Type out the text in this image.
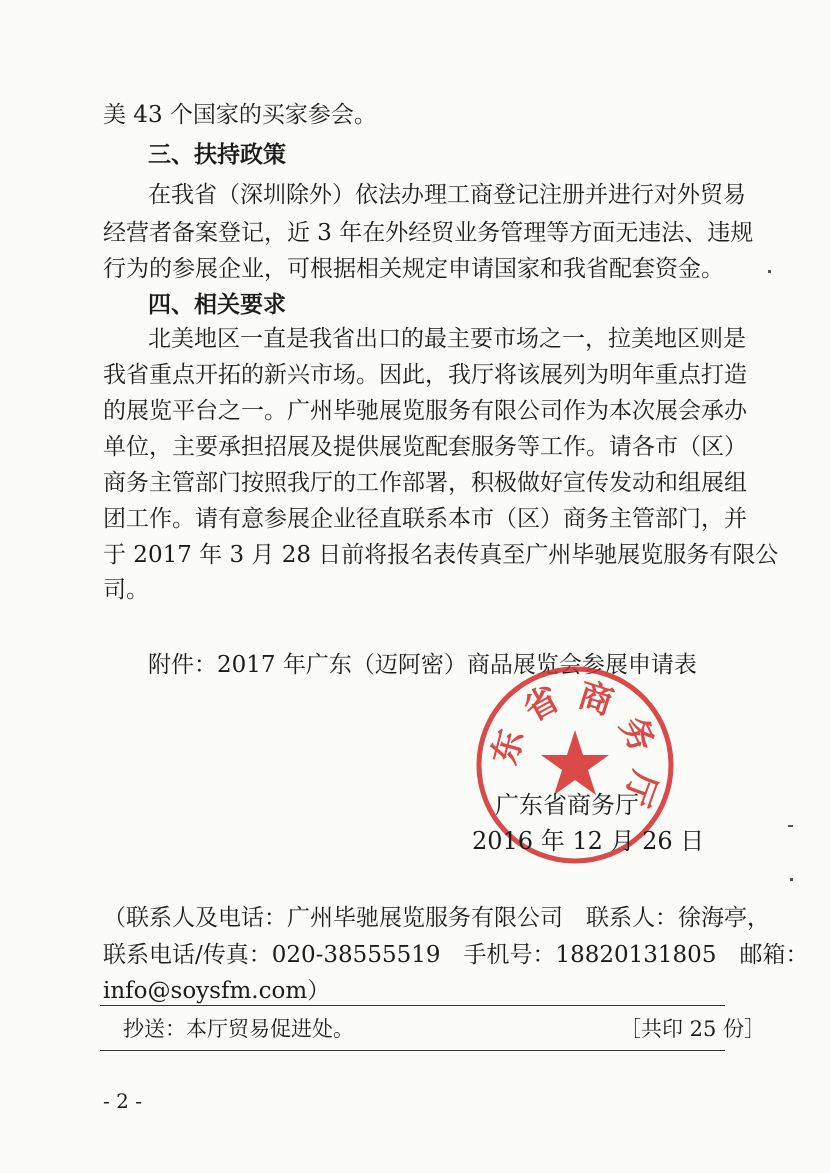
美 43 个国家的买家参会。
三、扶持政策
在我省（深圳除外）依法办理工商登记注册并进行对外贸易
经营者备案登记，近 3 年在外经贸业务管理等方面无违法、违规
行为的参展企业，可根据相关规定申请国家和我省配套资金。
四、相关要求
北美地区一直是我省出口的最主要市场之一，拉美地区则是
我省重点开拓的新兴市场。因此，我厅将该展列为明年重点打造
的展览平台之一。广州毕驰展览服务有限公司作为本次展会承办
单位，主要承担招展及提供展览配套服务等工作。请各市（区）
商务主管部门按照我厅的工作部署，积极做好宣传发动和组展组
团工作。请有意参展企业径直联系本市（区）商务主管部门，并
于 2017 年 3 月 28 日前将报名表传真至广州毕驰展览服务有限公
司。
附件：2017 年广东（迈阿密）商品展览会参展申请表
东
省 商
务
厅
广东省商务厅
2016 年 12 月 26 日
（联系人及电话：广州毕驰展览服务有限公司　联系人：徐海亭，
联系电话/传真：020-38555519　手机号：18820131805　邮箱：
info@soysfm.com）
抄送：本厅贸易促进处。	［共印 25 份］
- 2 -
